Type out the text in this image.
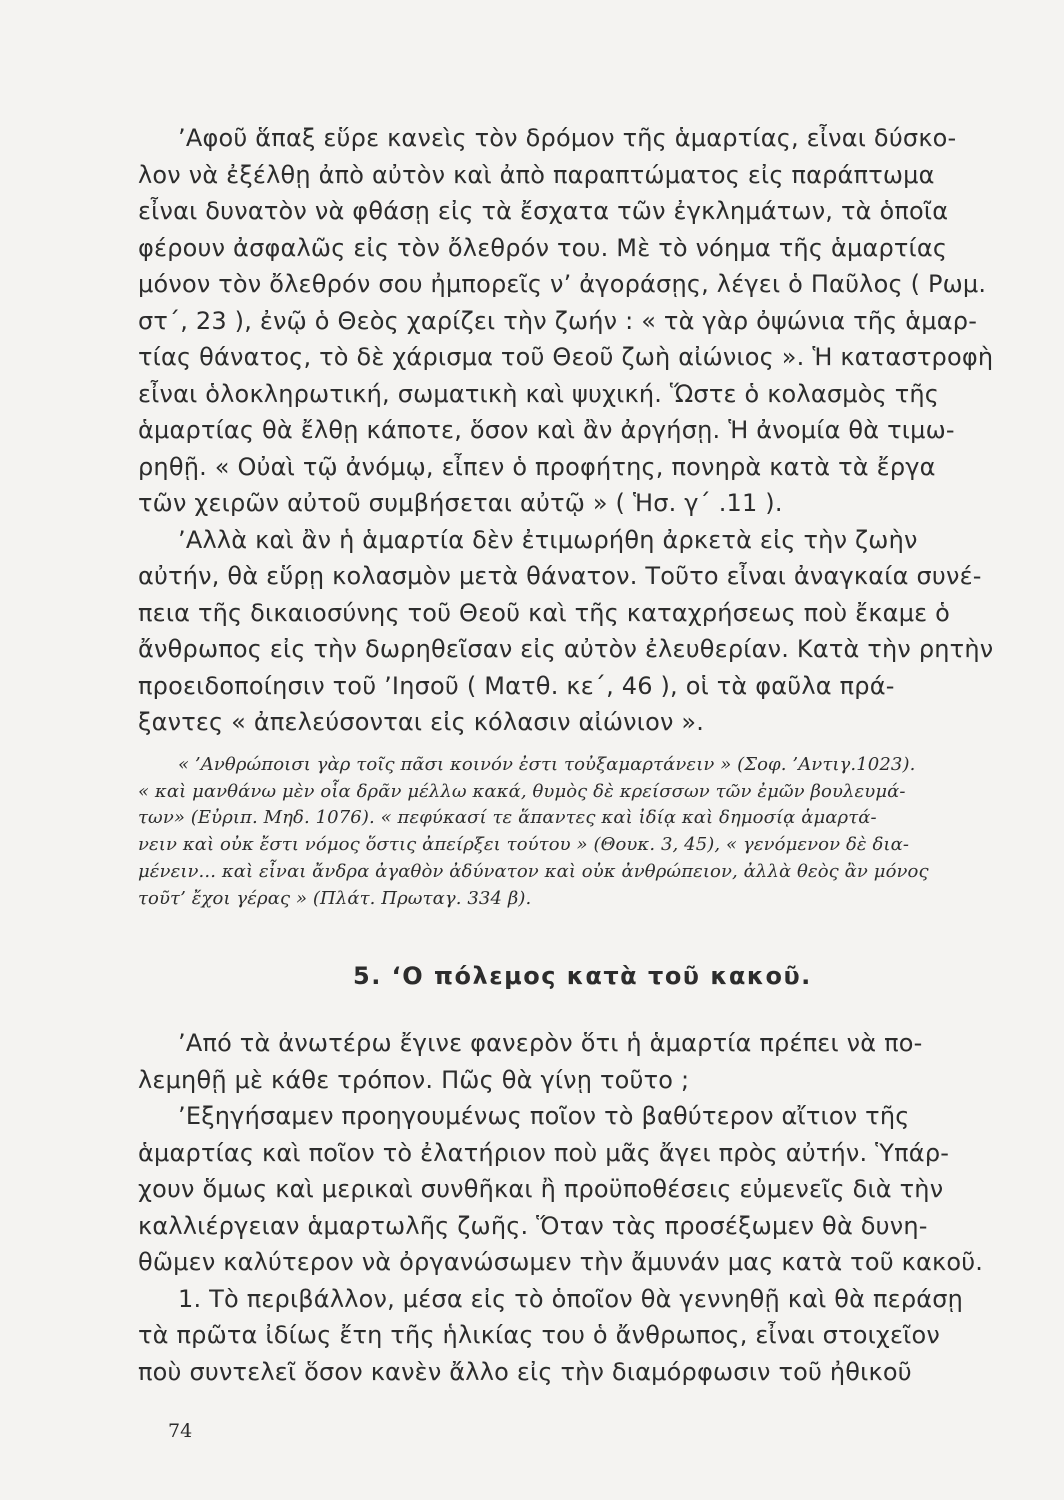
’Αφοῦ ἅπαξ εὕρε κανεὶς τὸν δρόμον τῆς ἁμαρτίας, εἶναι δύσκο-
λον νὰ ἐξέλθῃ ἀπὸ αὐτὸν καὶ ἀπὸ παραπτώματος εἰς παράπτωμα
εἶναι δυνατὸν νὰ φθάσῃ εἰς τὰ ἔσχατα τῶν ἐγκλημάτων, τὰ ὁποῖα
φέρουν ἀσφαλῶς εἰς τὸν ὄλεθρόν του. Μὲ τὸ νόημα τῆς ἁμαρτίας
μόνον τὸν ὄλεθρόν σου ἠμπορεῖς ν’ ἀγοράσῃς, λέγει ὁ Παῦλος ( Ρωμ.
στ΄, 23 ), ἐνῷ ὁ Θεὸς χαρίζει τὴν ζωήν : « τὰ γὰρ ὀψώνια τῆς ἁμαρ-
τίας θάνατος, τὸ δὲ χάρισμα τοῦ Θεοῦ ζωὴ αἰώνιος ». Ἡ καταστροφὴ
εἶναι ὁλοκληρωτική, σωματικὴ καὶ ψυχική. Ὥστε ὁ κολασμὸς τῆς
ἁμαρτίας θὰ ἔλθῃ κάποτε, ὅσον καὶ ἂν ἀργήσῃ. Ἡ ἀνομία θὰ τιμω-
ρηθῇ. « Οὐαὶ τῷ ἀνόμῳ, εἶπεν ὁ προφήτης, πονηρὰ κατὰ τὰ ἔργα
τῶν χειρῶν αὐτοῦ συμβήσεται αὐτῷ » ( Ἡσ. γ΄ .11 ).
’Αλλὰ καὶ ἂν ἡ ἁμαρτία δὲν ἐτιμωρήθη ἀρκετὰ εἰς τὴν ζωὴν
αὐτήν, θὰ εὕρῃ κολασμὸν μετὰ θάνατον. Τοῦτο εἶναι ἀναγκαία συνέ-
πεια τῆς δικαιοσύνης τοῦ Θεοῦ καὶ τῆς καταχρήσεως ποὺ ἔκαμε ὁ
ἄνθρωπος εἰς τὴν δωρηθεῖσαν εἰς αὐτὸν ἐλευθερίαν. Κατὰ τὴν ρητὴν
προειδοποίησιν τοῦ ’Ιησοῦ ( Ματθ. κε΄, 46 ), οἱ τὰ φαῦλα πρά-
ξαντες « ἀπελεύσονται εἰς κόλασιν αἰώνιον ».
« ’Ανθρώποισι γὰρ τοῖς πᾶσι κοινόν ἐστι τοὐξαμαρτάνειν » (Σοφ. ’Αντιγ.1023).
« καὶ μανθάνω μὲν οἷα δρᾶν μέλλω κακά, θυμὸς δὲ κρείσσων τῶν ἐμῶν βουλευμά-
των» (Εὐριπ. Μηδ. 1076). « πεφύκασί τε ἅπαντες καὶ ἰδίᾳ καὶ δημοσίᾳ ἁμαρτά-
νειν καὶ οὐκ ἔστι νόμος ὅστις ἀπείρξει τούτου » (Θουκ. 3, 45), « γενόμενον δὲ δια-
μένειν... καὶ εἶναι ἄνδρα ἀγαθὸν ἀδύνατον καὶ οὐκ ἀνθρώπειον, ἀλλὰ θεὸς ἂν μόνος
τοῦτ’ ἔχοι γέρας » (Πλάτ. Πρωταγ. 334 β).
5. ‘Ο πόλεμος κατὰ τοῦ κακοῦ.
’Από τὰ ἀνωτέρω ἔγινε φανερὸν ὅτι ἡ ἁμαρτία πρέπει νὰ πο-
λεμηθῇ μὲ κάθε τρόπον. Πῶς θὰ γίνῃ τοῦτο ;
’Εξηγήσαμεν προηγουμένως ποῖον τὸ βαθύτερον αἴτιον τῆς
ἁμαρτίας καὶ ποῖον τὸ ἐλατήριον ποὺ μᾶς ἄγει πρὸς αὐτήν. Ὑπάρ-
χουν ὅμως καὶ μερικαὶ συνθῆκαι ἢ προϋποθέσεις εὐμενεῖς διὰ τὴν
καλλιέργειαν ἁμαρτωλῆς ζωῆς. Ὅταν τὰς προσέξωμεν θὰ δυνη-
θῶμεν καλύτερον νὰ ὀργανώσωμεν τὴν ἄμυνάν μας κατὰ τοῦ κακοῦ.
1. Τὸ περιβάλλον, μέσα εἰς τὸ ὁποῖον θὰ γεννηθῇ καὶ θὰ περάσῃ
τὰ πρῶτα ἰδίως ἔτη τῆς ἡλικίας του ὁ ἄνθρωπος, εἶναι στοιχεῖον
ποὺ συντελεῖ ὅσον κανὲν ἄλλο εἰς τὴν διαμόρφωσιν τοῦ ἠθικοῦ
74
